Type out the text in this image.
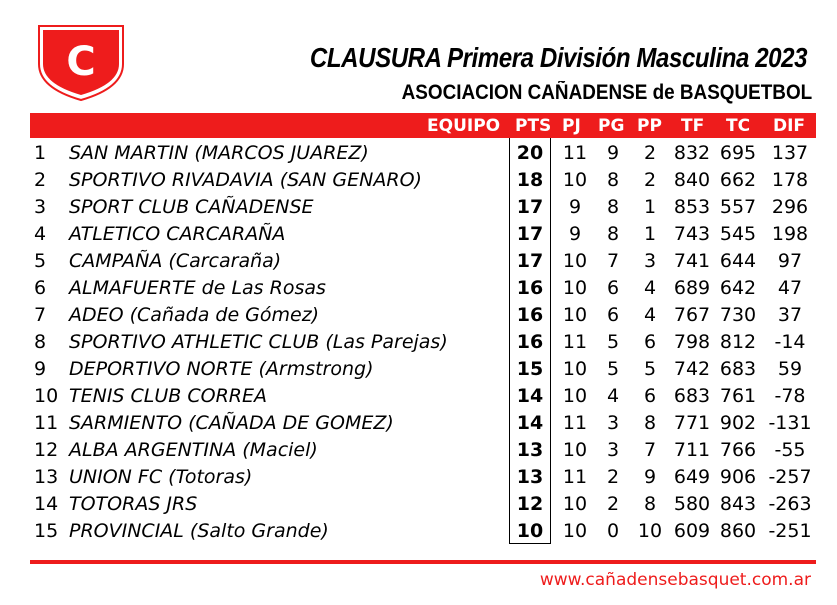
C	CLAUSURA Primera División Masculina 2023
ASOCIACION CAÑADENSE de BASQUETBOL
EQUIPO PTS PJ PG PP TF TC DIF
1 SAN MARTIN (MARCOS JUAREZ)	20	11	9	2 832 695 137
2 SPORTIVO RIVADAVIA (SAN GENARO)	18	10	8	2 840 662 178
3 SPORT CLUB CAÑADENSE	17	9	8	1 853 557 296
4 ATLETICO CARCARAÑA	17	9	8	1 743 545 198
5 CAMPAÑA (Carcaraña)	17	10	7	3 741 644	97
6 ALMAFUERTE de Las Rosas	16	10	6	4 689 642	47
7 ADEO (Cañada de Gómez)	16	10	6	4 767 730	37
8 SPORTIVO ATHLETIC CLUB (Las Parejas)	16	11	5	6 798 812 -14
9 DEPORTIVO NORTE (Armstrong)	15	10	5	5 742 683	59
10 TENIS CLUB CORREA	14	10	4	6 683 761 -78
11 SARMIENTO (CAÑADA DE GOMEZ)	14	11	3	8 771 902 -131
12 ALBA ARGENTINA (Maciel)	13	10	3	7 711 766 -55
13 UNION FC (Totoras)	13	11	2	9 649 906 -257
14 TOTORAS JRS	12	10	2	8 580 843 -263
15 PROVINCIAL (Salto Grande)	10	10	0 10 609 860 -251

www.cañadensebasquet.com.ar
